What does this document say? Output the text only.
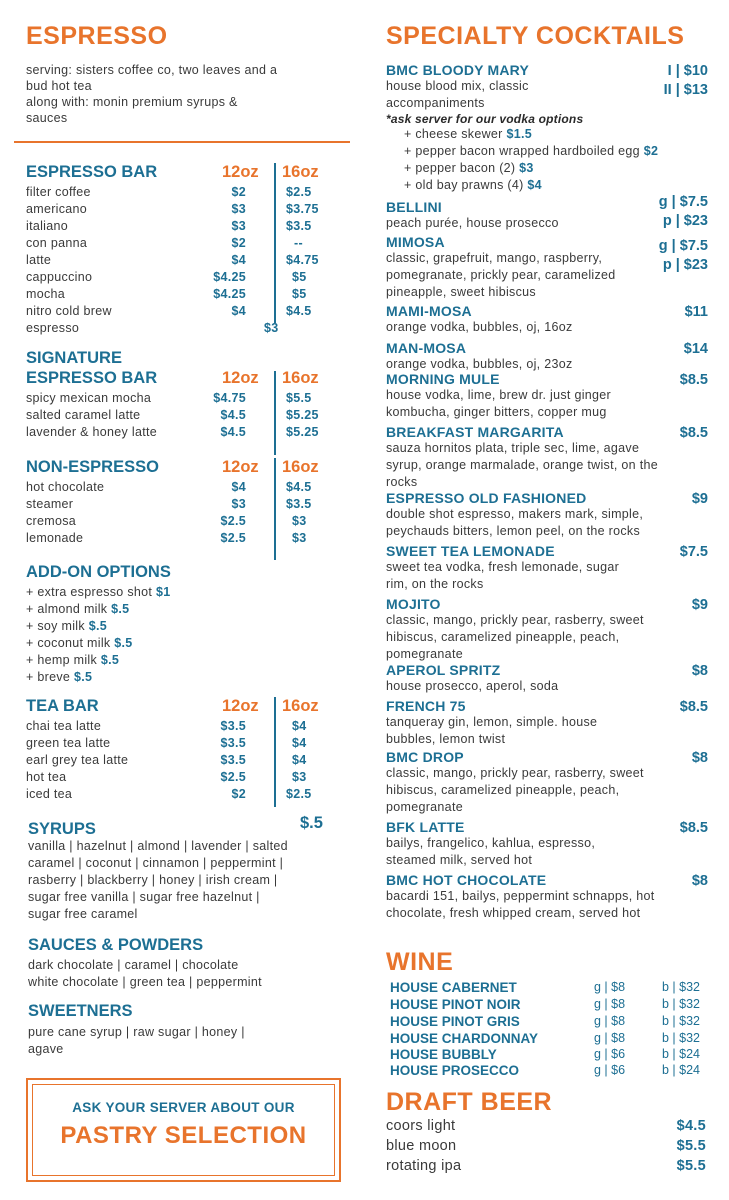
ESPRESSO
serving: sisters coffee co, two leaves and a
bud hot tea
along with: monin premium syrups &
sauces
ESPRESSO BAR	12oz 16oz
filter coffee	$2	$2.5
americano	$3	$3.75
italiano	$3	$3.5
con panna	$2	--
latte	$4	$4.75
cappuccino	$4.25	$5
mocha	$4.25	$5
nitro cold brew	$4	$4.5
espresso	$3
SIGNATURE
ESPRESSO BAR	12oz 16oz
spicy mexican mocha	$4.75	$5.5
salted caramel latte	$4.5	$5.25
lavender & honey latte	$4.5	$5.25
NON-ESPRESSO	12oz 16oz
hot chocolate	$4	$4.5
steamer	$3	$3.5
cremosa	$2.5	$3
lemonade	$2.5	$3
ADD-ON OPTIONS
+ extra espresso shot $1
+ almond milk $.5
+ soy milk $.5
+ coconut milk $.5
+ hemp milk $.5
+ breve $.5
TEA BAR	12oz 16oz
chai tea latte	$3.5	$4
green tea latte	$3.5	$4
earl grey tea latte	$3.5	$4
hot tea	$2.5	$3
iced tea	$2	$2.5
SYRUPS	$.5
vanilla | hazelnut | almond | lavender | salted
caramel | coconut | cinnamon | peppermint |
rasberry | blackberry | honey | irish cream |
sugar free vanilla | sugar free hazelnut |
sugar free caramel
SAUCES & POWDERS
dark chocolate | caramel | chocolate
white chocolate | green tea | peppermint
SWEETNERS
pure cane syrup | raw sugar | honey |
agave
ASK YOUR SERVER ABOUT OUR
PASTRY SELECTION
SPECIALTY COCKTAILS
BMC BLOODY MARY	I | $10
II | $13
house blood mix, classic accompaniments
*ask server for our vodka options
+ cheese skewer $1.5
+ pepper bacon wrapped hardboiled egg $2
+ pepper bacon (2) $3
+ old bay prawns (4) $4
BELLINI	g | $7.5
p | $23
peach purée, house prosecco
MIMOSA	g | $7.5
p | $23
classic, grapefruit, mango, raspberry, pomegranate, prickly pear, caramelized pineapple, sweet hibiscus
MAMI-MOSA	$11
orange vodka, bubbles, oj, 16oz
MAN-MOSA	$14
orange vodka, bubbles, oj, 23oz
MORNING MULE	$8.5
house vodka, lime, brew dr. just ginger kombucha, ginger bitters, copper mug
BREAKFAST MARGARITA	$8.5
sauza hornitos plata, triple sec, lime, agave syrup, orange marmalade, orange twist, on the rocks
ESPRESSO OLD FASHIONED	$9
double shot espresso, makers mark, simple, peychauds bitters, lemon peel, on the rocks
SWEET TEA LEMONADE	$7.5
sweet tea vodka, fresh lemonade, sugar rim, on the rocks
MOJITO	$9
classic, mango, prickly pear, rasberry, sweet hibiscus, caramelized pineapple, peach, pomegranate
APEROL SPRITZ	$8
house prosecco, aperol, soda
FRENCH 75	$8.5
tanqueray gin, lemon, simple. house bubbles, lemon twist
BMC DROP	$8
classic, mango, prickly pear, rasberry, sweet hibiscus, caramelized pineapple, peach, pomegranate
BFK LATTE	$8.5
bailys, frangelico, kahlua, espresso, steamed milk, served hot
BMC HOT CHOCOLATE	$8
bacardi 151, bailys, peppermint schnapps, hot chocolate, fresh whipped cream, served hot
WINE
HOUSE CABERNET	g | $8	b | $32
HOUSE PINOT NOIR	g | $8	b | $32
HOUSE PINOT GRIS	g | $8	b | $32
HOUSE CHARDONNAY	g | $8	b | $32
HOUSE BUBBLY	g | $6	b | $24
HOUSE PROSECCO	g | $6	b | $24
DRAFT BEER
coors light	$4.5
blue moon	$5.5
rotating ipa	$5.5
